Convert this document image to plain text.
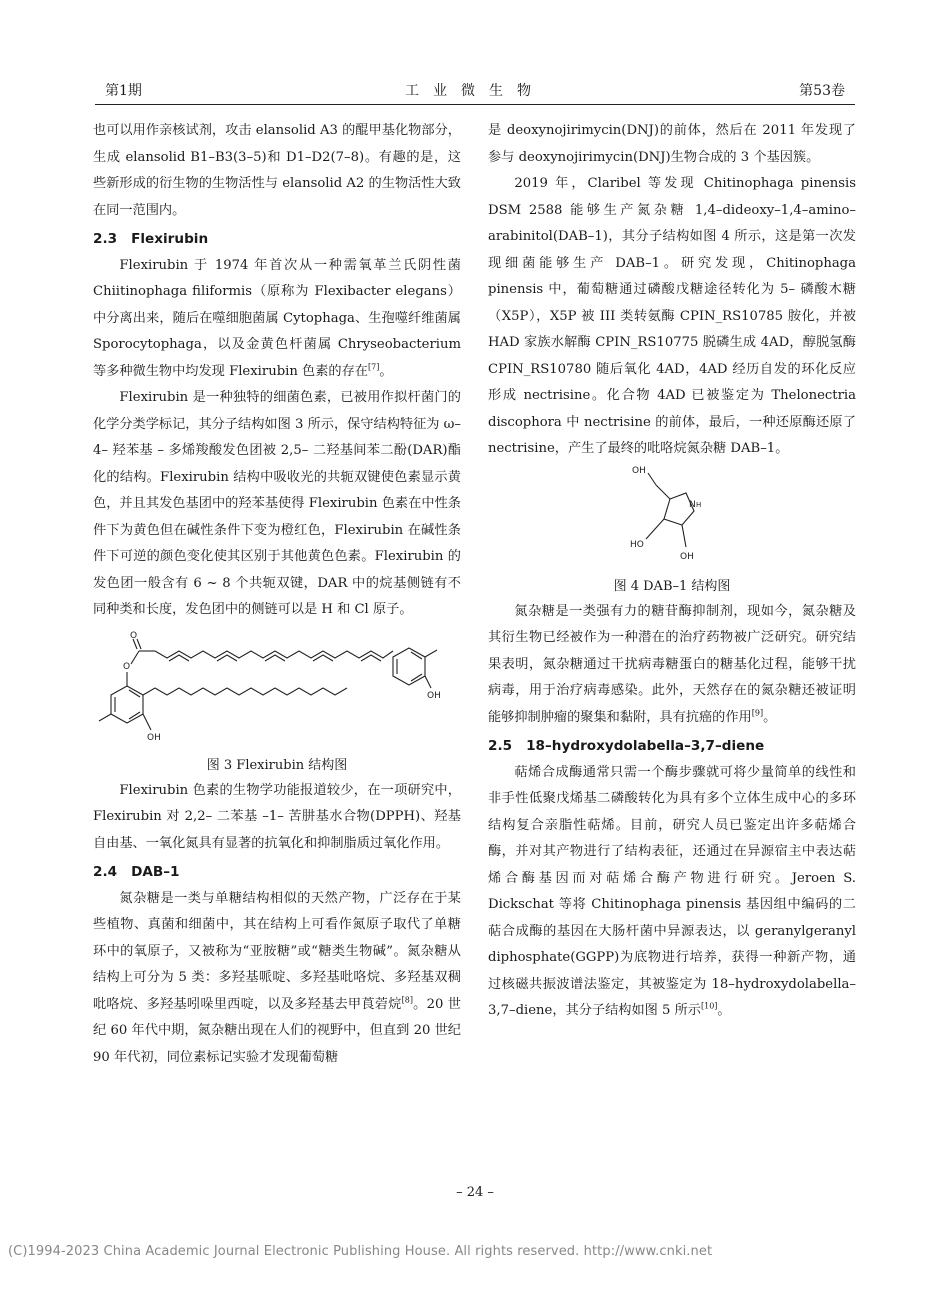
第1期	工业微生物	第53卷

也可以用作亲核试剂，攻击 elansolid A3 的醌甲基化物部分，生成 elansolid B1–B3(3–5)和 D1–D2(7–8)。有趣的是，这些新形成的衍生物的生物活性与 elansolid A2 的生物活性大致在同一范围内。

2.3 Flexirubin

Flexirubin 于 1974 年首次从一种需氧革兰氏阴性菌 Chiitinophaga filiformis（原称为 Flexibacter elegans）中分离出来，随后在噬细胞菌属 Cytophaga、生孢噬纤维菌属 Sporocytophaga，以及金黄色杆菌属 Chryseobacterium 等多种微生物中均发现 Flexirubin 色素的存在[7]。

Flexirubin 是一种独特的细菌色素，已被用作拟杆菌门的化学分类学标记，其分子结构如图 3 所示，保守结构特征为 ω–4– 羟苯基 – 多烯羧酸发色团被 2,5– 二羟基间苯二酚(DAR)酯化的结构。Flexirubin 结构中吸收光的共轭双键使色素显示黄色，并且其发色基团中的羟苯基使得 Flexirubin 色素在中性条件下为黄色但在碱性条件下变为橙红色，Flexirubin 在碱性条件下可逆的颜色变化使其区别于其他黄色色素。Flexirubin 的发色团一般含有 6 ~ 8 个共轭双键，DAR 中的烷基侧链有不同种类和长度，发色团中的侧链可以是 H 和 Cl 原子。

O
O
OH
OH
图 3 Flexirubin 结构图

Flexirubin 色素的生物学功能报道较少，在一项研究中，Flexirubin 对 2,2– 二苯基 –1– 苦肼基水合物(DPPH)、羟基自由基、一氧化氮具有显著的抗氧化和抑制脂质过氧化作用。

2.4 DAB–1

氮杂糖是一类与单糖结构相似的天然产物，广泛存在于某些植物、真菌和细菌中，其在结构上可看作氮原子取代了单糖环中的氧原子，又被称为“亚胺糖”或“糖类生物碱”。氮杂糖从结构上可分为 5 类：多羟基哌啶、多羟基吡咯烷、多羟基双稠吡咯烷、多羟基吲哚里西啶，以及多羟基去甲莨菪烷[8]。20 世纪 60 年代中期，氮杂糖出现在人们的视野中，但直到 20 世纪 90 年代初，同位素标记实验才发现葡萄糖

是 deoxynojirimycin(DNJ)的前体，然后在 2011 年发现了参与 deoxynojirimycin(DNJ)生物合成的 3 个基因簇。

2019 年，Claribel 等发现 Chitinophaga pinensis DSM 2588 能够生产氮杂糖 1,4–dideoxy–1,4–amino–arabinitol(DAB–1)，其分子结构如图 4 所示，这是第一次发现细菌能够生产 DAB–1。研究发现，Chitinophaga pinensis 中，葡萄糖通过磷酸戊糖途径转化为 5– 磷酸木糖（X5P），X5P 被 III 类转氨酶 CPIN_RS10785 胺化，并被 HAD 家族水解酶 CPIN_RS10775 脱磷生成 4AD，醇脱氢酶 CPIN_RS10780 随后氧化 4AD，4AD 经历自发的环化反应形成 nectrisine。化合物 4AD 已被鉴定为 Thelonectria discophora 中 nectrisine 的前体，最后，一种还原酶还原了 nectrisine，产生了最终的吡咯烷氮杂糖 DAB–1。

OH
N H
HO
OH
图 4 DAB–1 结构图

氮杂糖是一类强有力的糖苷酶抑制剂，现如今，氮杂糖及其衍生物已经被作为一种潜在的治疗药物被广泛研究。研究结果表明，氮杂糖通过干扰病毒糖蛋白的糖基化过程，能够干扰病毒，用于治疗病毒感染。此外，天然存在的氮杂糖还被证明能够抑制肿瘤的聚集和黏附，具有抗癌的作用[9]。

2.5 18–hydroxydolabella–3,7–diene

萜烯合成酶通常只需一个酶步骤就可将少量简单的线性和非手性低聚戊烯基二磷酸转化为具有多个立体生成中心的多环结构复合亲脂性萜烯。目前，研究人员已鉴定出许多萜烯合酶，并对其产物进行了结构表征，还通过在异源宿主中表达萜烯合酶基因而对萜烯合酶产物进行研究。Jeroen S. Dickschat 等将 Chitinophaga pinensis 基因组中编码的二萜合成酶的基因在大肠杆菌中异源表达，以 geranylgeranyl diphosphate(GGPP)为底物进行培养，获得一种新产物，通过核磁共振波谱法鉴定，其被鉴定为 18–hydroxydolabella–3,7–diene，其分子结构如图 5 所示[10]。

– 24 –
(C)1994-2023 China Academic Journal Electronic Publishing House. All rights reserved. http://www.cnki.net
